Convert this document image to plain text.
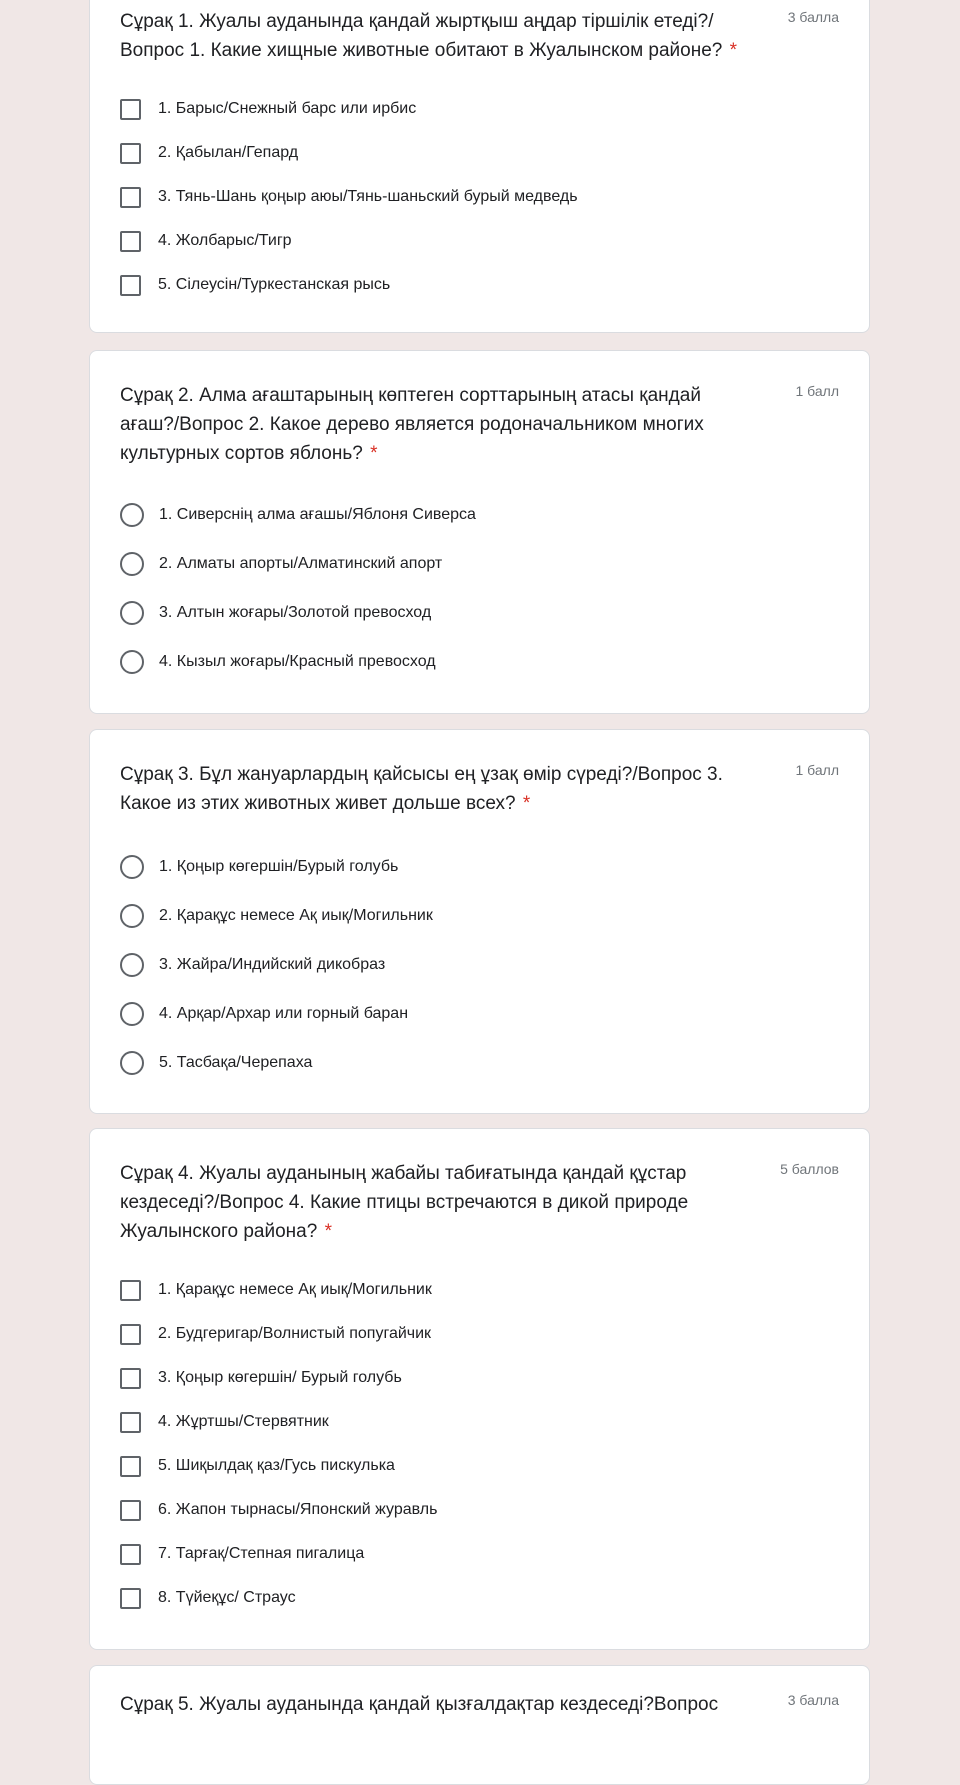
Сұрақ 1. Жуалы ауданында қандай жыртқыш аңдар тіршілік етеді?/Вопрос 1. Какие хищные животные обитают в Жуалынском районе? *

3 балла
1. Барыс/Снежный барс или ирбис
2. Қабылан/Гепард
3. Тянь-Шань қоңыр аюы/Тянь-шаньский бурый медведь
4. Жолбарыс/Тигр
5. Сілеусін/Туркестанская рысь

Сұрақ 2. Алма ағаштарының көптеген сорттарының атасы қандай ағаш?/Вопрос 2. Какое дерево является родоначальником многих культурных сортов яблонь? *

1 балл
1. Сиверснің алма ағашы/Яблоня Сиверса
2. Алматы апорты/Алматинский апорт
3. Алтын жоғары/Золотой превосход
4. Кызыл жоғары/Красный превосход

Сұрақ 3. Бұл жануарлардың қайсысы ең ұзақ өмір сүреді?/Вопрос 3. Какое из этих животных живет дольше всех? *

1 балл
1. Қоңыр көгершін/Бурый голубь
2. Қарақұс немесе Ақ иық/Могильник
3. Жайра/Индийский дикобраз
4. Арқар/Архар или горный баран
5. Тасбақа/Черепаха

Сұрақ 4. Жуалы ауданының жабайы табиғатында қандай құстар кездеседі?/Вопрос 4. Какие птицы встречаются в дикой природе Жуалынского района? *

5 баллов
1. Қарақұс немесе Ақ иық/Могильник
2. Будгеригар/Волнистый попугайчик
3. Қоңыр көгершін/ Бурый голубь
4. Жұртшы/Стервятник
5. Шиқылдақ қаз/Гусь пискулька
6. Жапон тырнасы/Японский журавль
7. Тарғақ/Степная пигалица
8. Түйеқұс/ Страус

Сұрақ 5. Жуалы ауданында қандай қызғалдақтар кездеседі?Вопрос	3 балла
